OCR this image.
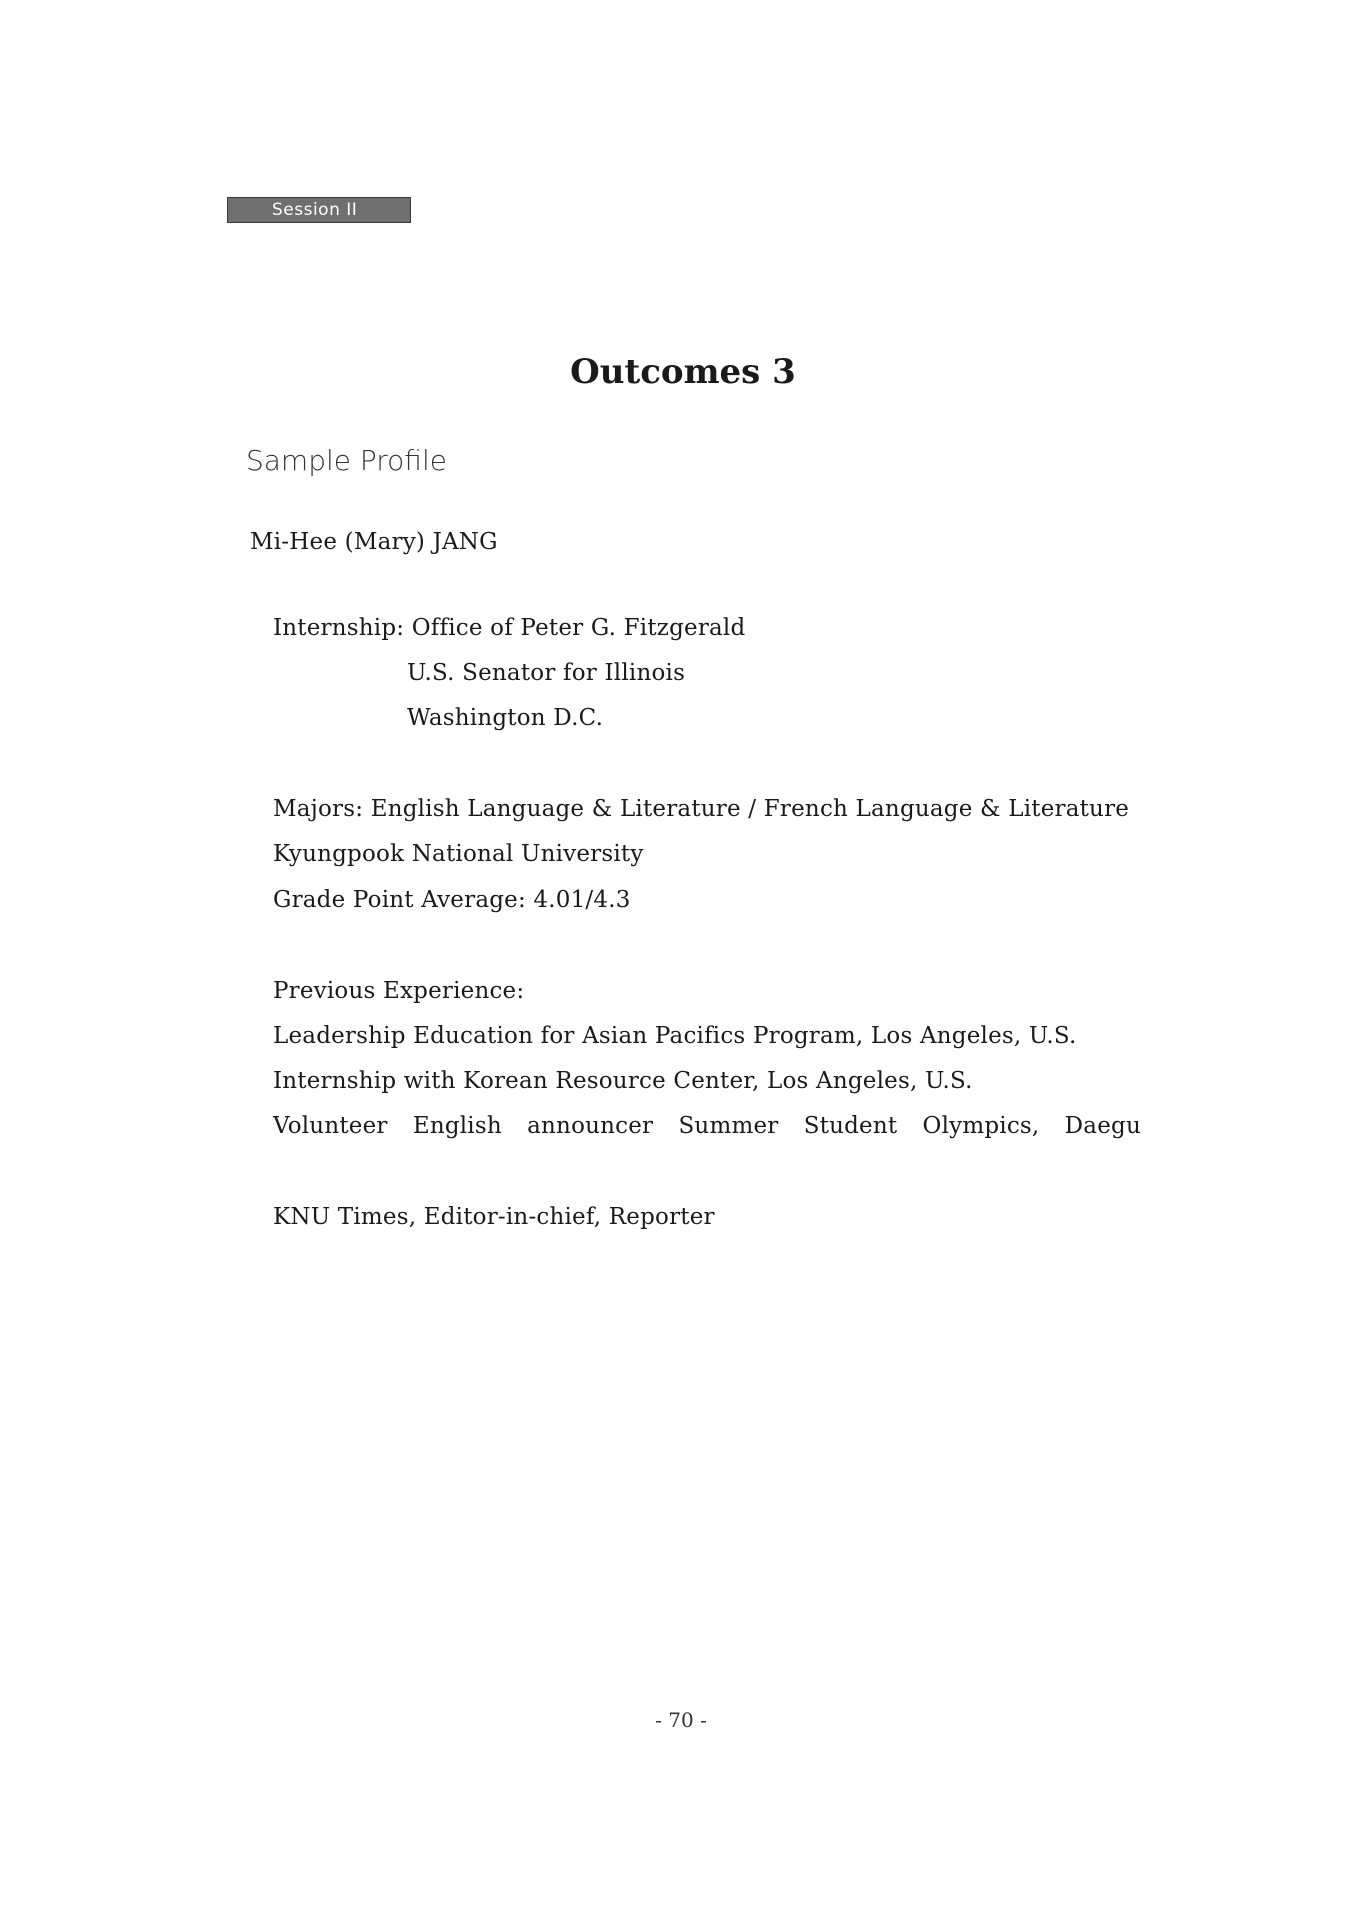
Session II
Outcomes 3
Sample Profile
Mi-Hee (Mary) JANG
Internship: Office of Peter G. Fitzgerald
U.S. Senator for Illinois
Washington D.C.
Majors: English Language & Literature / French Language & Literature
Kyungpook National University
Grade Point Average: 4.01/4.3
Previous Experience:
Leadership Education for Asian Pacifics Program, Los Angeles, U.S.
Internship with Korean Resource Center, Los Angeles, U.S.
Volunteer English announcer Summer Student Olympics, Daegu
KNU Times, Editor-in-chief, Reporter
- 70 -
